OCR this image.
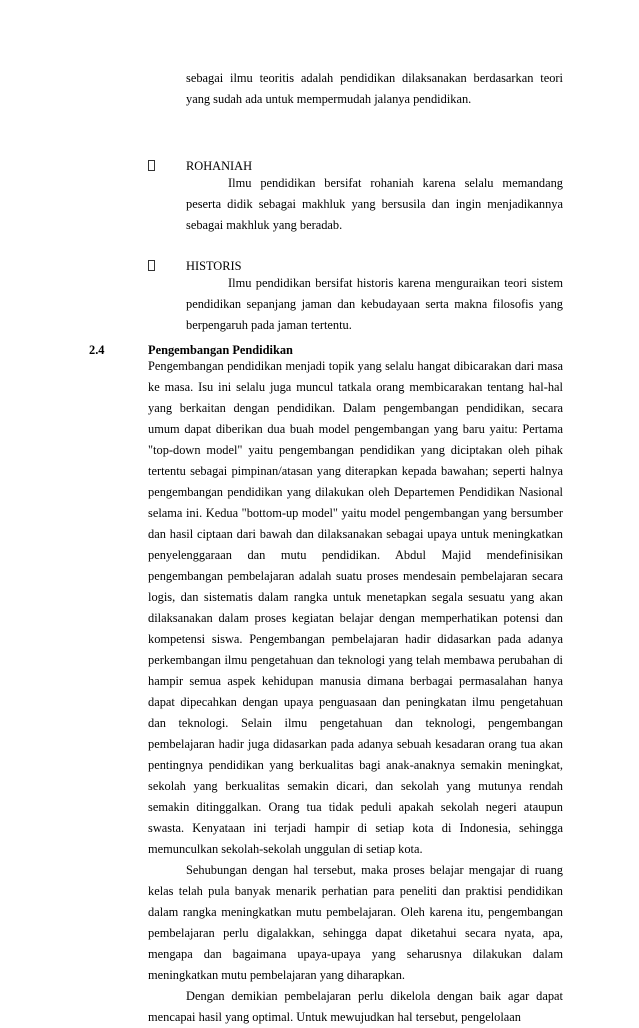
sebagai ilmu teoritis adalah pendidikan dilaksanakan berdasarkan teori yang sudah ada untuk mempermudah jalanya pendidikan.

ROHANIAH

Ilmu pendidikan bersifat rohaniah karena selalu memandang peserta didik sebagai makhluk yang bersusila dan ingin menjadikannya sebagai makhluk yang beradab.

HISTORIS

Ilmu pendidikan bersifat historis karena menguraikan teori sistem pendidikan sepanjang jaman dan kebudayaan serta makna filosofis yang berpengaruh pada jaman tertentu.

2.4	Pengembangan Pendidikan

Pengembangan pendidikan menjadi topik yang selalu hangat dibicarakan dari masa ke masa. Isu ini selalu juga muncul tatkala orang membicarakan tentang hal-hal yang berkaitan dengan pendidikan. Dalam pengembangan pendidikan, secara umum dapat diberikan dua buah model pengembangan yang baru yaitu: Pertama "top-down model" yaitu pengembangan pendidikan yang diciptakan oleh pihak tertentu sebagai pimpinan/atasan yang diterapkan kepada bawahan; seperti halnya pengembangan pendidikan yang dilakukan oleh Departemen Pendidikan Nasional selama ini. Kedua "bottom-up model" yaitu model pengembangan yang bersumber dan hasil ciptaan dari bawah dan dilaksanakan sebagai upaya untuk meningkatkan penyelenggaraan dan mutu pendidikan. Abdul Majid mendefinisikan pengembangan pembelajaran adalah suatu proses mendesain pembelajaran secara logis, dan sistematis dalam rangka untuk menetapkan segala sesuatu yang akan dilaksanakan dalam proses kegiatan belajar dengan memperhatikan potensi dan kompetensi siswa. Pengembangan pembelajaran hadir didasarkan pada adanya perkembangan ilmu pengetahuan dan teknologi yang telah membawa perubahan di hampir semua aspek kehidupan manusia dimana berbagai permasalahan hanya dapat dipecahkan dengan upaya penguasaan dan peningkatan ilmu pengetahuan dan teknologi. Selain ilmu pengetahuan dan teknologi, pengembangan pembelajaran hadir juga didasarkan pada adanya sebuah kesadaran orang tua akan pentingnya pendidikan yang berkualitas bagi anak-anaknya semakin meningkat, sekolah yang berkualitas semakin dicari, dan sekolah yang mutunya rendah semakin ditinggalkan. Orang tua tidak peduli apakah sekolah negeri ataupun swasta. Kenyataan ini terjadi hampir di setiap kota di Indonesia, sehingga memunculkan sekolah-sekolah unggulan di setiap kota.

Sehubungan dengan hal tersebut, maka proses belajar mengajar di ruang kelas telah pula banyak menarik perhatian para peneliti dan praktisi pendidikan dalam rangka meningkatkan mutu pembelajaran. Oleh karena itu, pengembangan pembelajaran perlu digalakkan, sehingga dapat diketahui secara nyata, apa, mengapa dan bagaimana upaya-upaya yang seharusnya dilakukan dalam meningkatkan mutu pembelajaran yang diharapkan.

Dengan demikian pembelajaran perlu dikelola dengan baik agar dapat mencapai hasil yang optimal. Untuk mewujudkan hal tersebut, pengelolaan
